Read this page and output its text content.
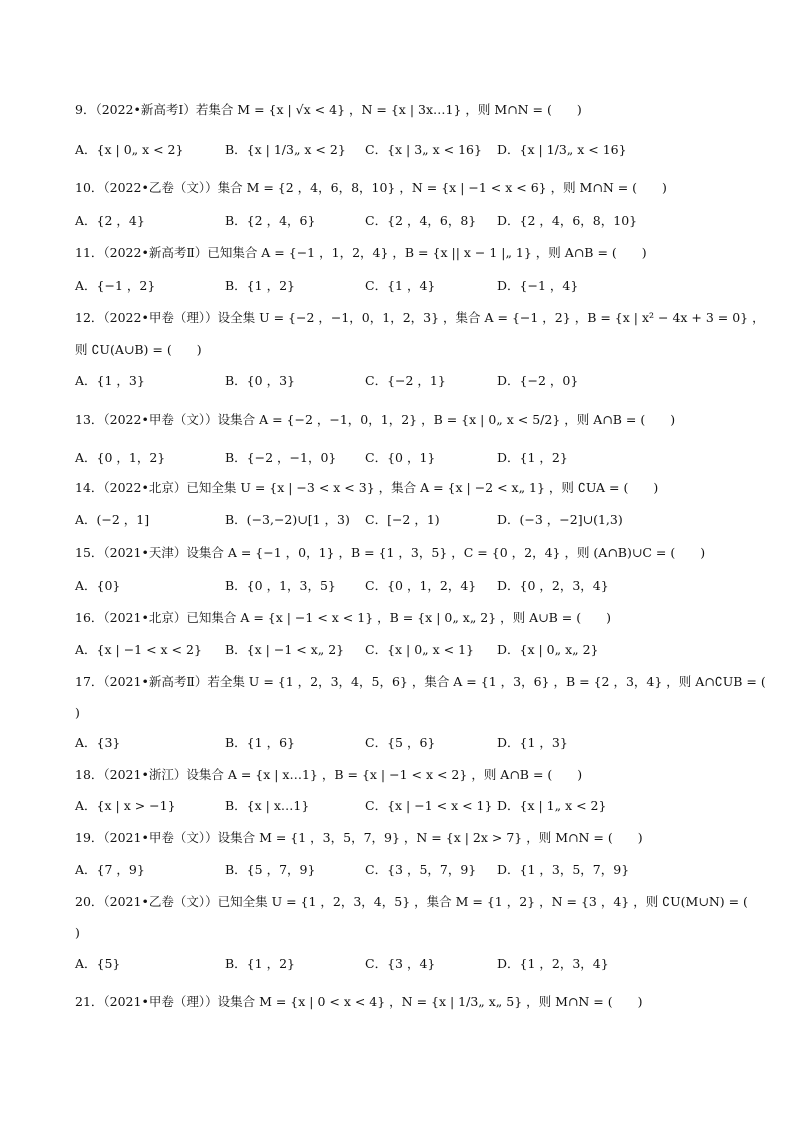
9．（2022•新高考Ⅰ）若集合 M = {x | √x < 4} ，N = {x | 3x…1} ，则 M∩N = (　　)
A．{x | 0„ x < 2}	B．{x | 1/3„ x < 2} C．{x | 3„ x < 16} D．{x | 1/3„ x < 16}
10．（2022•乙卷（文））集合 M = {2 ，4，6，8，10} ，N = {x | −1 < x < 6} ，则 M∩N = (　　)
A．{2 ，4}	B．{2 ，4，6}	C．{2 ，4，6，8} D．{2 ，4，6，8，10}
11．（2022•新高考Ⅱ）已知集合 A = {−1 ，1，2，4} ，B = {x || x − 1 |„ 1} ，则 A∩B = (　　)
A．{−1 ，2}	B．{1 ，2}	C．{1 ，4}	D．{−1 ，4}
12．（2022•甲卷（理））设全集 U = {−2 ，−1，0，1，2，3} ，集合 A = {−1 ，2} ，B = {x | x² − 4x + 3 = 0} ，
则 ∁U(A∪B) = (　　)
A．{1 ，3}	B．{0 ，3}	C．{−2 ，1}	D．{−2 ，0}
13．（2022•甲卷（文））设集合 A = {−2 ，−1，0，1，2} ，B = {x | 0„ x < 5/2} ，则 A∩B = (　　)
A．{0 ，1，2}	B．{−2 ，−1，0} C．{0 ，1}	D．{1 ，2}
14．（2022•北京）已知全集 U = {x | −3 < x < 3} ，集合 A = {x | −2 < x„ 1} ，则 ∁UA = (　　)
A．(−2 ，1]	B．(−3,−2)∪[1 ，3) C．[−2 ，1)	D．(−3 ，−2]∪(1,3)
15．（2021•天津）设集合 A = {−1 ，0，1} ，B = {1 ，3，5} ，C = {0 ，2，4} ，则 (A∩B)∪C = (　　)
A．{0}	B．{0 ，1，3，5} C．{0 ，1，2，4} D．{0 ，2，3，4}
16．（2021•北京）已知集合 A = {x | −1 < x < 1} ，B = {x | 0„ x„ 2} ，则 A∪B = (　　)
A．{x | −1 < x < 2} B．{x | −1 < x„ 2} C．{x | 0„ x < 1} D．{x | 0„ x„ 2}
17．（2021•新高考Ⅱ）若全集 U = {1 ，2，3，4，5，6} ，集合 A = {1 ，3，6} ，B = {2 ，3，4} ，则 A∩∁UB = (
)
A．{3}	B．{1 ，6}	C．{5 ，6}	D．{1 ，3}
18．（2021•浙江）设集合 A = {x | x…1} ，B = {x | −1 < x < 2} ，则 A∩B = (　　)
A．{x | x > −1}	B．{x | x…1}	C．{x | −1 < x < 1} D．{x | 1„ x < 2}
19．（2021•甲卷（文））设集合 M = {1 ，3，5，7，9} ，N = {x | 2x > 7} ，则 M∩N = (　　)
A．{7 ，9}	B．{5 ，7，9}	C．{3 ，5，7，9} D．{1 ，3，5，7，9}
20．（2021•乙卷（文））已知全集 U = {1 ，2，3，4，5} ，集合 M = {1 ，2} ，N = {3 ，4} ，则 ∁U(M∪N) = (
)
A．{5}	B．{1 ，2}	C．{3 ，4}	D．{1 ，2，3，4}
21．（2021•甲卷（理））设集合 M = {x | 0 < x < 4} ，N = {x | 1/3„ x„ 5} ，则 M∩N = (　　)
